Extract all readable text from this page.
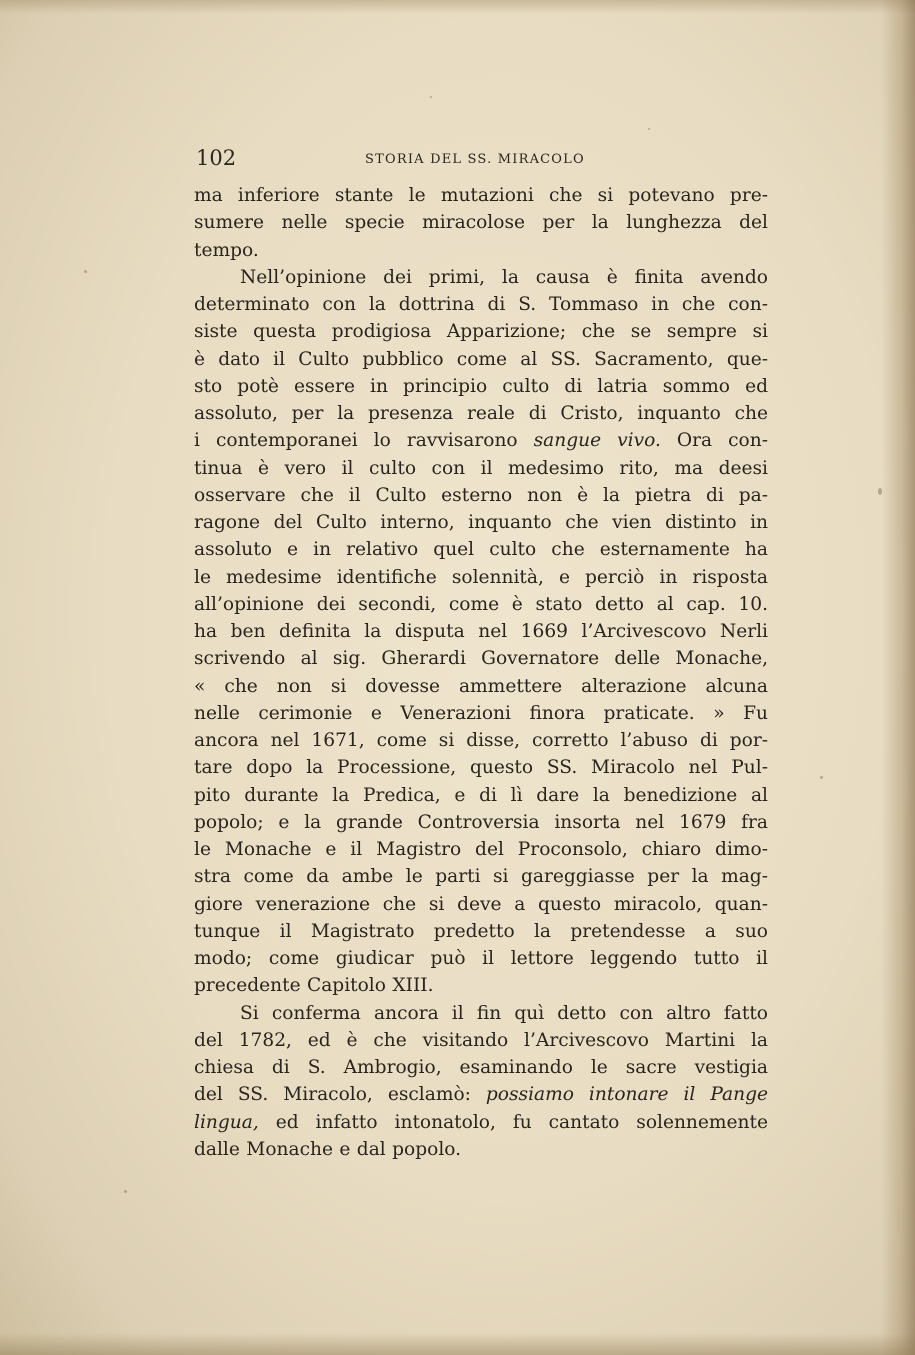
102	STORIA DEL SS. MIRACOLO
ma inferiore stante le mutazioni che si potevano pre-
sumere nelle specie miracolose per la lunghezza del
tempo.
Nell’opinione dei primi, la causa è finita avendo
determinato con la dottrina di S. Tommaso in che con-
siste questa prodigiosa Apparizione; che se sempre si
è dato il Culto pubblico come al SS. Sacramento, que-
sto potè essere in principio culto di latria sommo ed
assoluto, per la presenza reale di Cristo, inquanto che
i contemporanei lo ravvisarono sangue vivo. Ora con-
tinua è vero il culto con il medesimo rito, ma deesi
osservare che il Culto esterno non è la pietra di pa-
ragone del Culto interno, inquanto che vien distinto in
assoluto e in relativo quel culto che esternamente ha
le medesime identifiche solennità, e perciò in risposta
all’opinione dei secondi, come è stato detto al cap. 10.
ha ben definita la disputa nel 1669 l’Arcivescovo Nerli
scrivendo al sig. Gherardi Governatore delle Monache,
« che non si dovesse ammettere alterazione alcuna
nelle cerimonie e Venerazioni finora praticate. » Fu
ancora nel 1671, come si disse, corretto l’abuso di por-
tare dopo la Processione, questo SS. Miracolo nel Pul-
pito durante la Predica, e di lì dare la benedizione al
popolo; e la grande Controversia insorta nel 1679 fra
le Monache e il Magistro del Proconsolo, chiaro dimo-
stra come da ambe le parti si gareggiasse per la mag-
giore venerazione che si deve a questo miracolo, quan-
tunque il Magistrato predetto la pretendesse a suo
modo; come giudicar può il lettore leggendo tutto il
precedente Capitolo XIII.
Si conferma ancora il fin quì detto con altro fatto
del 1782, ed è che visitando l’Arcivescovo Martini la
chiesa di S. Ambrogio, esaminando le sacre vestigia
del SS. Miracolo, esclamò: possiamo intonare il Pange
lingua, ed infatto intonatolo, fu cantato solennemente
dalle Monache e dal popolo.
